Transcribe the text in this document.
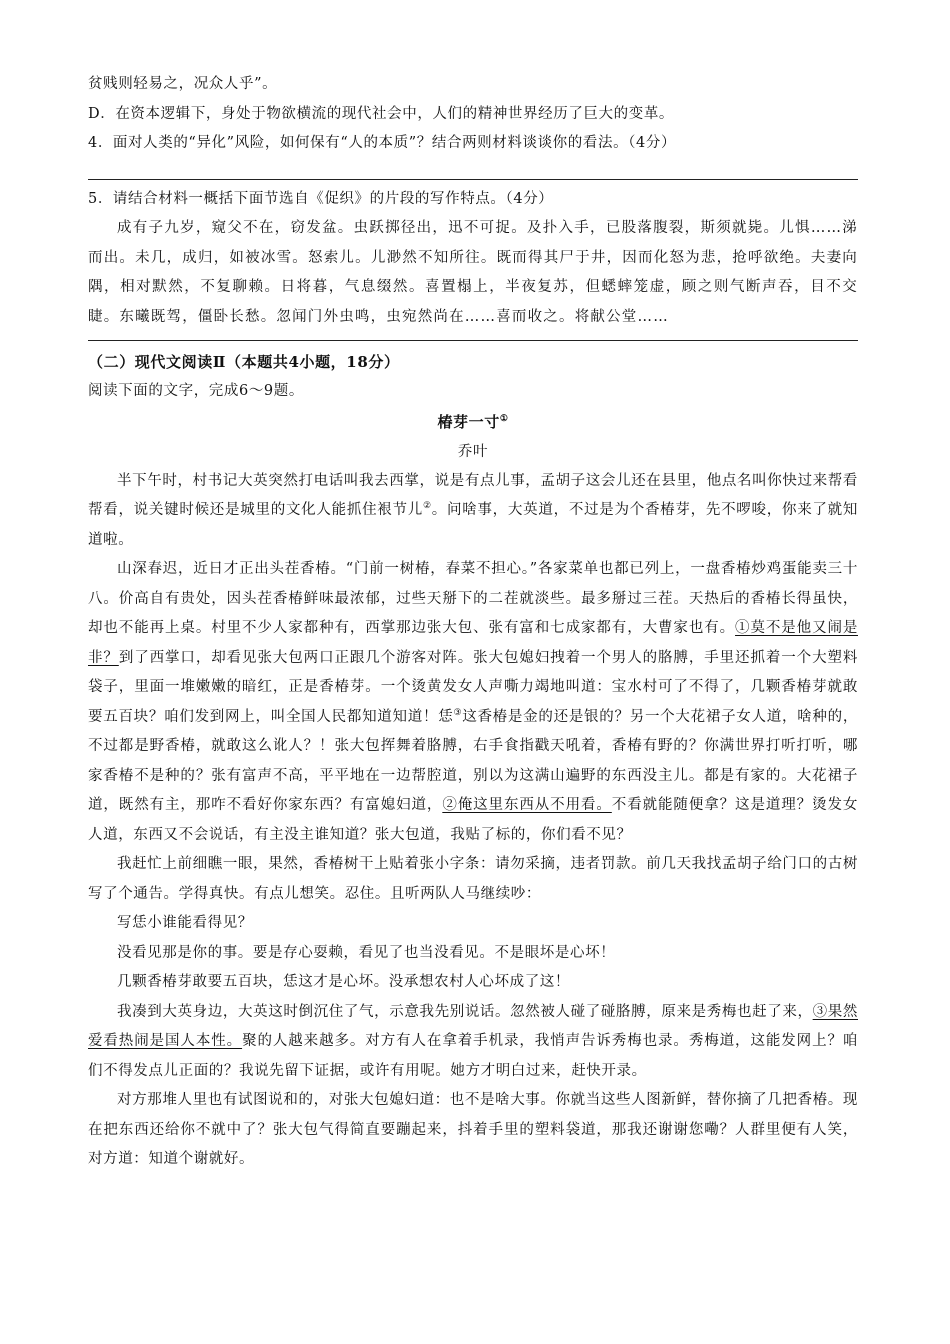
贫贱则轻易之，况众人乎”。

D．在资本逻辑下，身处于物欲横流的现代社会中，人们的精神世界经历了巨大的变革。

4．面对人类的“异化”风险，如何保有“人的本质”？结合两则材料谈谈你的看法。（4分）

5．请结合材料一概括下面节选自《促织》的片段的写作特点。（4分）

成有子九岁，窥父不在，窃发盆。虫跃掷径出，迅不可捉。及扑入手，已股落腹裂，斯须就毙。儿惧……涕而出。未几，成归，如被冰雪。怒索儿。儿渺然不知所往。既而得其尸于井，因而化怒为悲，抢呼欲绝。夫妻向隅，相对默然，不复聊赖。日将暮，气息缀然。喜置榻上，半夜复苏，但蟋蟀笼虚，顾之则气断声吞，目不交睫。东曦既驾，僵卧长愁。忽闻门外虫鸣，虫宛然尚在……喜而收之。将献公堂……

（二）现代文阅读Ⅱ（本题共4小题，18分）

阅读下面的文字，完成6～9题。

椿芽一寸①

乔叶

半下午时，村书记大英突然打电话叫我去西掌，说是有点儿事，孟胡子这会儿还在县里，他点名叫你快过来帮看帮看，说关键时候还是城里的文化人能抓住裉节儿②。问啥事，大英道，不过是为个香椿芽，先不啰唆，你来了就知道啦。

山深春迟，近日才正出头茬香椿。“门前一树椿，春菜不担心。”各家菜单也都已列上，一盘香椿炒鸡蛋能卖三十八。价高自有贵处，因头茬香椿鲜味最浓郁，过些天掰下的二茬就淡些。最多掰过三茬。天热后的香椿长得虽快，却也不能再上桌。村里不少人家都种有，西掌那边张大包、张有富和七成家都有，大曹家也有。①莫不是他又闹是非？到了西掌口，却看见张大包两口正跟几个游客对阵。张大包媳妇拽着一个男人的胳膊，手里还抓着一个大塑料袋子，里面一堆嫩嫩的暗红，正是香椿芽。一个烫黄发女人声嘶力竭地叫道：宝水村可了不得了，几颗香椿芽就敢要五百块？咱们发到网上，叫全国人民都知道知道！恁③这香椿是金的还是银的？另一个大花裙子女人道，啥种的，不过都是野香椿，就敢这么讹人？！张大包挥舞着胳膊，右手食指戳天吼着，香椿有野的？你满世界打听打听，哪家香椿不是种的？张有富声不高，平平地在一边帮腔道，别以为这满山遍野的东西没主儿。都是有家的。大花裙子道，既然有主，那咋不看好你家东西？有富媳妇道，②俺这里东西从不用看。不看就能随便拿？这是道理？烫发女人道，东西又不会说话，有主没主谁知道？张大包道，我贴了标的，你们看不见？

我赶忙上前细瞧一眼，果然，香椿树干上贴着张小字条：请勿采摘，违者罚款。前几天我找孟胡子给门口的古树写了个通告。学得真快。有点儿想笑。忍住。且听两队人马继续吵：

写恁小谁能看得见？

没看见那是你的事。要是存心耍赖，看见了也当没看见。不是眼坏是心坏！

几颗香椿芽敢要五百块，恁这才是心坏。没承想农村人心坏成了这！

我凑到大英身边，大英这时倒沉住了气，示意我先别说话。忽然被人碰了碰胳膊，原来是秀梅也赶了来，③果然爱看热闹是国人本性。聚的人越来越多。对方有人在拿着手机录，我悄声告诉秀梅也录。秀梅道，这能发网上？咱们不得发点儿正面的？我说先留下证据，或许有用呢。她方才明白过来，赶快开录。

对方那堆人里也有试图说和的，对张大包媳妇道：也不是啥大事。你就当这些人图新鲜，替你摘了几把香椿。现在把东西还给你不就中了？张大包气得简直要蹦起来，抖着手里的塑料袋道，那我还谢谢您嘞？人群里便有人笑，对方道：知道个谢就好。
